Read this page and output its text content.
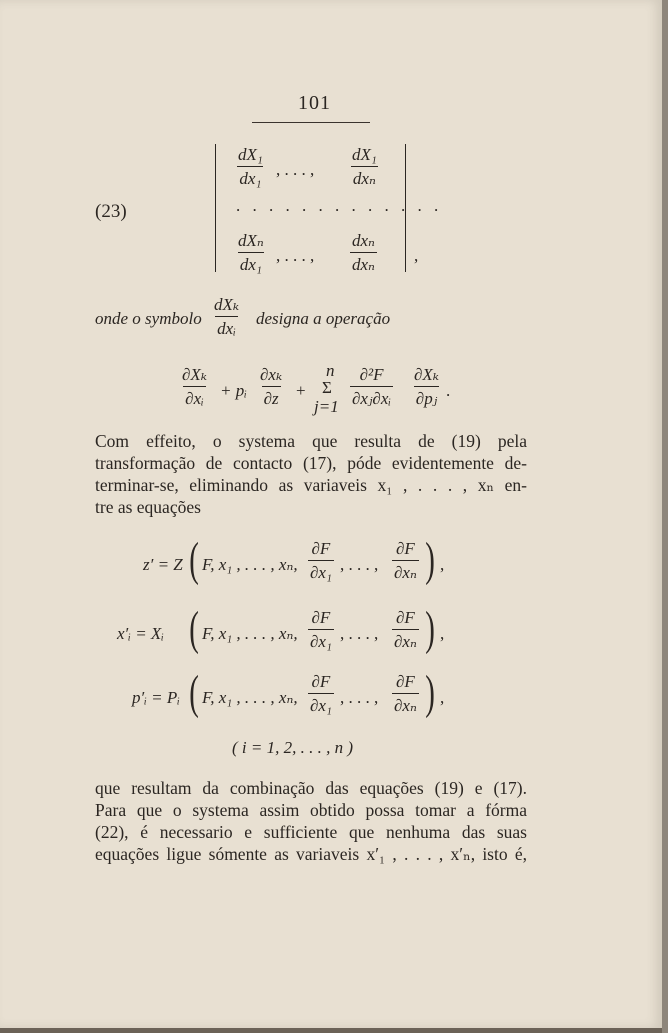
101
(23)
$\frac{\text{dX₁}}{\text{dx₁}}$ , . . . ,
dX₁
dxₙ
. . . . . . . . . . . . .
dXₙ
dx₁ , . . . ,
dxₙ
dxₙ ,
onde o symbolo
dXₖ
dxᵢ
designa a operação
$\frac{\text{∂Xₖ}}{\text{∂xᵢ}}$ + pᵢ $\frac{\text{∂xₖ}}{\partial z}$ +
n
Σ
$j=1 \frac{\text{∂²F}}{\text{∂xⱼ∂xᵢ}} \frac{\text{∂Xₖ}}{\text{∂pⱼ}}$ .
Com effeito, o systema que resulta de (19) pela
transformação de contacto (17), póde evidentemente de-
terminar-se, eliminando as variaveis x₁ , . . . , xₙ en-
tre as equações
z′ = Z ( F, x₁ , . . . , xₙ, $\frac{\partial F}{\text{∂x₁}}$ , . . . , $\frac{\partial F}{\text{∂xₙ}}$ ) ,
x′ᵢ = Xᵢ ( F, x₁ , . . . , xₙ, $\frac{\partial F}{\text{∂x₁}}$ , . . . , $\frac{\partial F}{\text{∂xₙ}}$ ) ,
p′ᵢ = Pᵢ ( F, x₁ , . . . , xₙ, $\frac{\partial F}{\text{∂x₁}}$ , . . . , $\frac{\partial F}{\text{∂xₙ}}$ ) ,
( i = 1, 2, . . . , n )
que resultam da combinação das equações (19) e (17).
Para que o systema assim obtido possa tomar a fórma
(22), é necessario e sufficiente que nenhuma das suas
equações ligue sómente as variaveis x′₁ , . . . , x′ₙ, isto é,
